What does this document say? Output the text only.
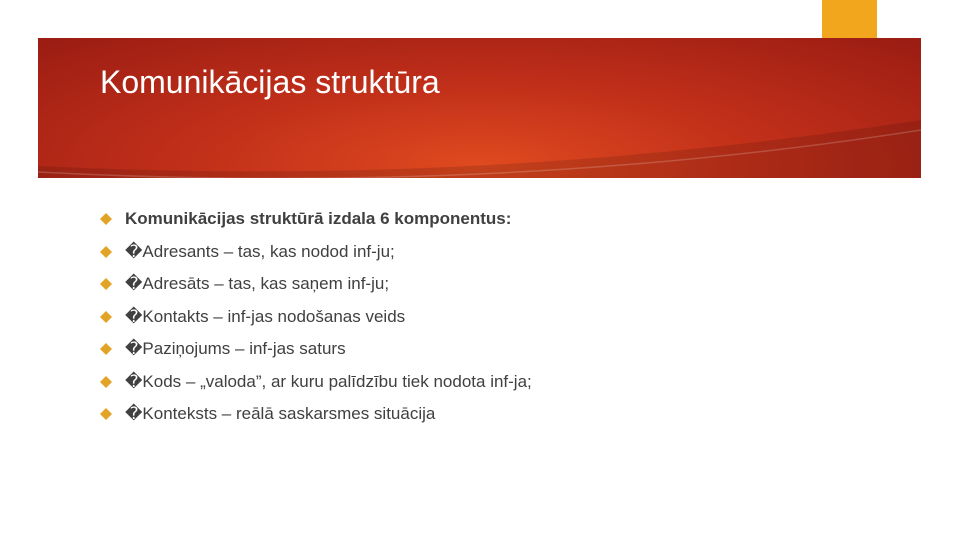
Komunikācijas struktūra
Komunikācijas struktūrā izdala 6 komponentus:
�Adresants – tas, kas nodod inf-ju;
�Adresāts – tas, kas saņem inf-ju;
�Kontakts – inf-jas nodošanas veids
�Paziņojums – inf-jas saturs
�Kods – „valoda”, ar kuru palīdzību tiek nodota inf-ja;
�Konteksts – reālā saskarsmes situācija
